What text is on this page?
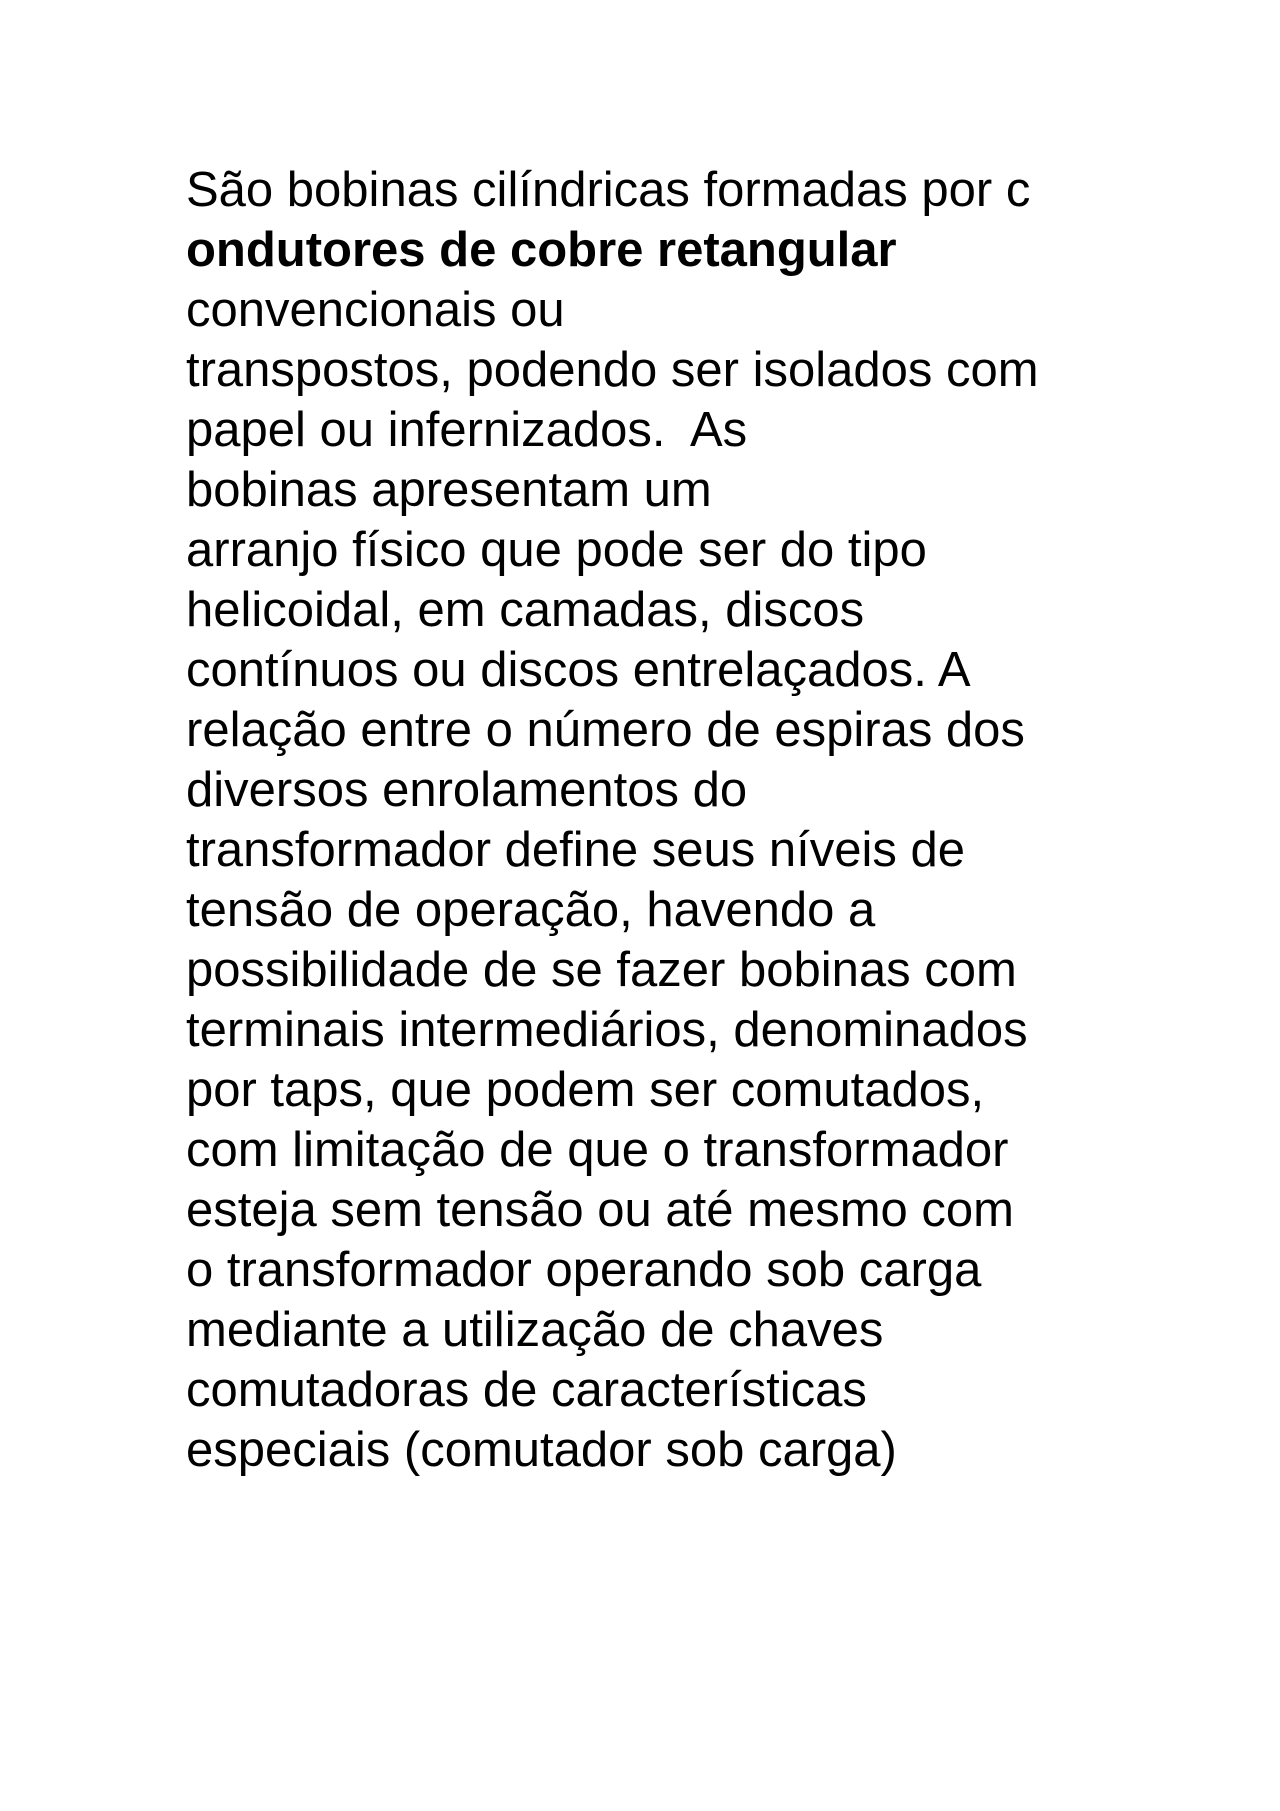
São bobinas cilíndricas formadas por c
ondutores de cobre retangular
convencionais ou
transpostos, podendo ser isolados com
papel ou infernizados.  As
bobinas apresentam um
arranjo físico que pode ser do tipo
helicoidal, em camadas, discos
contínuos ou discos entrelaçados. A
relação entre o número de espiras dos
diversos enrolamentos do
transformador define seus níveis de
tensão de operação, havendo a
possibilidade de se fazer bobinas com
terminais intermediários, denominados
por taps, que podem ser comutados,
com limitação de que o transformador
esteja sem tensão ou até mesmo com
o transformador operando sob carga
mediante a utilização de chaves
comutadoras de características
especiais (comutador sob carga)
